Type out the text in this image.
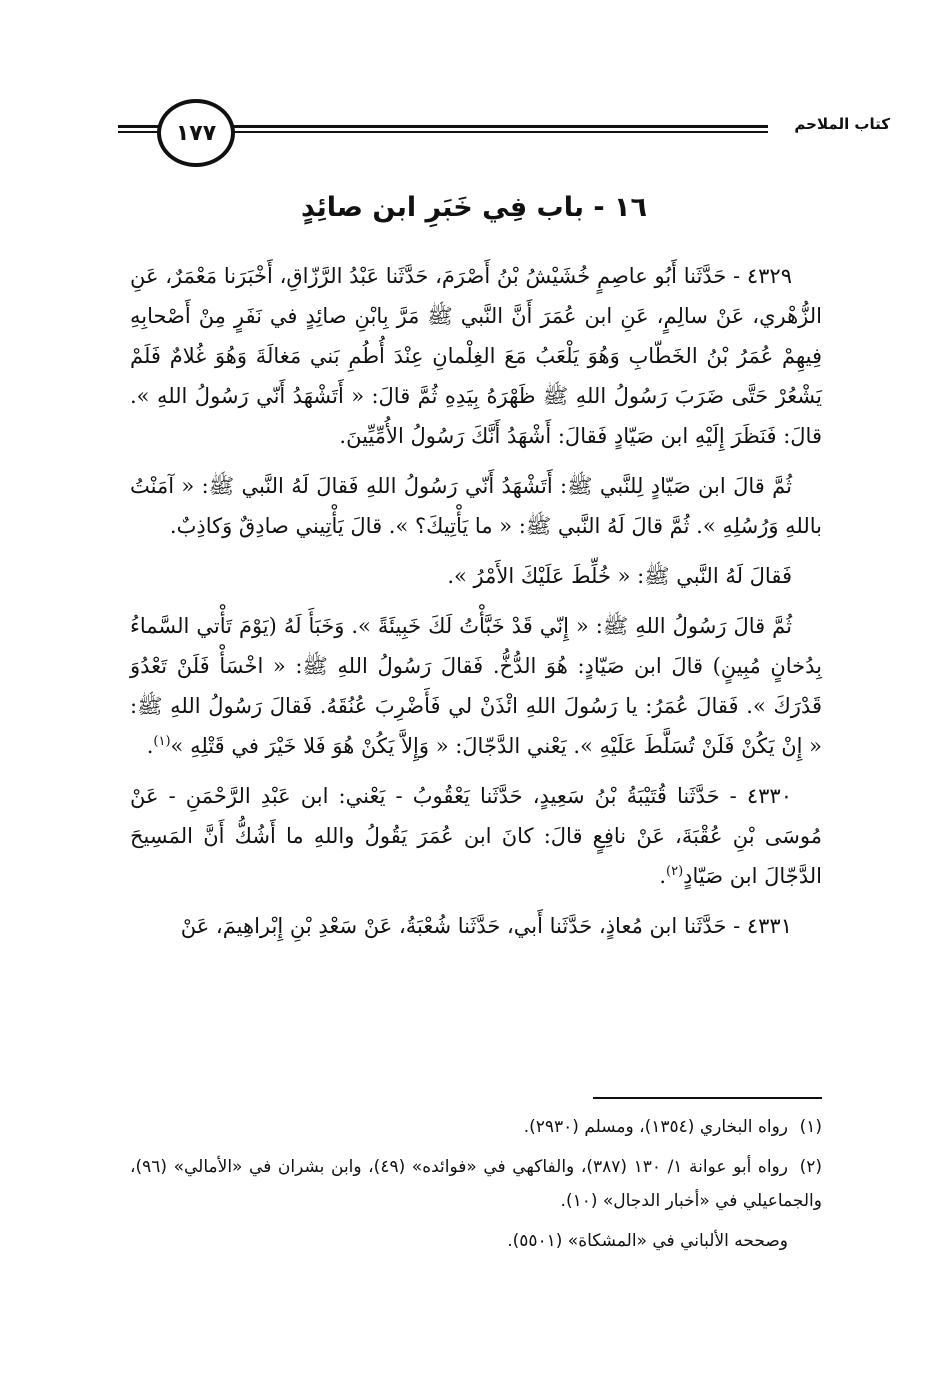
١٧٧	كتاب الملاحم
١٦ - باب فِي خَبَرِ ابن صائِدٍ

٤٣٢٩ - حَدَّثَنا أَبُو عاصِمٍ خُشَيْشُ بْنُ أَصْرَمَ، حَدَّثَنا عَبْدُ الرَّزّاقِ، أَخْبَرَنا مَعْمَرٌ، عَنِ الزُّهْري، عَنْ سالِمٍ، عَنِ ابن عُمَرَ أَنَّ النَّبي ﷺ مَرَّ بِابْنِ صائِدٍ في نَفَرٍ مِنْ أَصْحابِهِ فِيهِمْ عُمَرُ بْنُ الخَطّابِ وَهُوَ يَلْعَبُ مَعَ الغِلْمانِ عِنْدَ أُطُمِ بَني مَغالَةَ وَهُوَ غُلامٌ فَلَمْ يَشْعُرْ حَتَّى ضَرَبَ رَسُولُ اللهِ ﷺ ظَهْرَهُ بِيَدِهِ ثُمَّ قالَ: « أَتَشْهَدُ أَنّي رَسُولُ اللهِ ». قالَ: فَنَظَرَ إِلَيْهِ ابن صَيّادٍ فَقالَ: أَشْهَدُ أَنَّكَ رَسُولُ الأُمِّيِّينَ.

ثُمَّ قالَ ابن صَيّادٍ لِلنَّبي ﷺ: أَتَشْهَدُ أَنّي رَسُولُ اللهِ فَقالَ لَهُ النَّبي ﷺ: « آمَنْتُ باللهِ وَرُسُلِهِ ». ثُمَّ قالَ لَهُ النَّبي ﷺ: « ما يَأْتِيكَ؟ ». قالَ يَأْتِيني صادِقٌ وَكاذِبٌ.

فَقالَ لَهُ النَّبي ﷺ: « خُلِّطَ عَلَيْكَ الأَمْرُ ».

ثُمَّ قالَ رَسُولُ اللهِ ﷺ: « إِنّي قَدْ خَبَّأْتُ لَكَ خَبِيئَةً ». وَخَبَأَ لَهُ (يَوْمَ تَأْتي السَّماءُ بِدُخانٍ مُبِينٍ) قالَ ابن صَيّادٍ: هُوَ الدُّخُّ. فَقالَ رَسُولُ اللهِ ﷺ: « اخْسَأْ فَلَنْ تَعْدُوَ قَدْرَكَ ». فَقالَ عُمَرُ: يا رَسُولَ اللهِ ائْذَنْ لي فَأَضْرِبَ عُنُقَهُ. فَقالَ رَسُولُ اللهِ ﷺ: « إِنْ يَكُنْ فَلَنْ تُسَلَّطَ عَلَيْهِ ». يَعْني الدَّجّالَ: « وَإِلاَّ يَكُنْ هُوَ فَلا خَيْرَ في قَتْلِهِ »$^{(١)}$.

٤٣٣٠ - حَدَّثَنا قُتَيْبَةُ بْنُ سَعِيدٍ، حَدَّثَنا يَعْقُوبُ - يَعْني: ابن عَبْدِ الرَّحْمَنِ - عَنْ مُوسَى بْنِ عُقْبَةَ، عَنْ نافِعٍ قالَ: كانَ ابن عُمَرَ يَقُولُ واللهِ ما أَشُكُّ أَنَّ المَسِيحَ الدَّجّالَ ابن صَيّادٍ$^{(٢)}$.

٤٣٣١ - حَدَّثَنا ابن مُعاذٍ، حَدَّثَنا أَبي، حَدَّثَنا شُعْبَةُ، عَنْ سَعْدِ بْنِ إِبْراهِيمَ، عَنْ

(١)رواه البخاري (١٣٥٤)، ومسلم (٢٩٣٠).

(٢)رواه أبو عوانة ١/ ١٣٠ (٣٨٧)، والفاكهي في «فوائده» (٤٩)، وابن بشران في «الأمالي» (٩٦)، والجماعيلي في «أخبار الدجال» (١٠).

وصححه الألباني في «المشكاة» (٥٥٠١).
